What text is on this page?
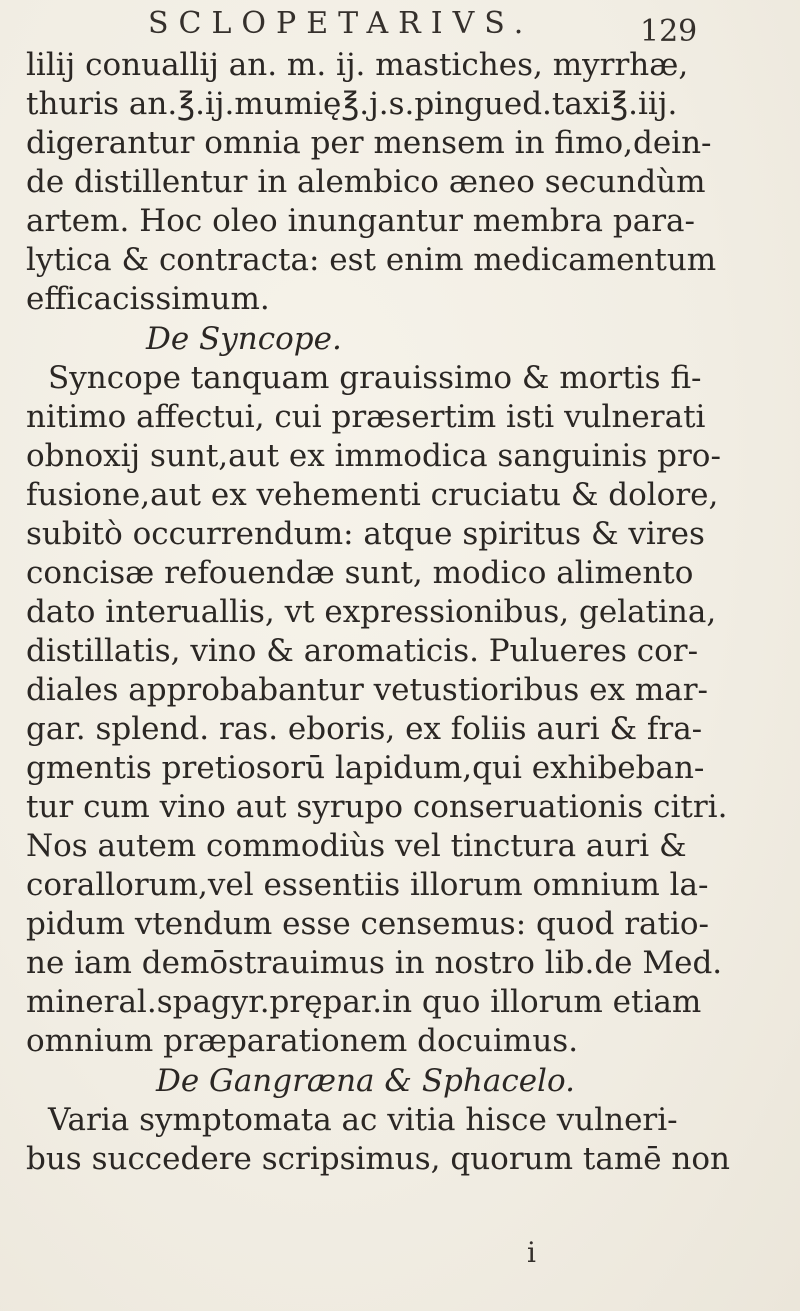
SCLOPETARIVS.	129
lilij conuallij an. m. ij. mastiches, myrrhæ,
thuris an.℥.ij.mumię℥.j.s.pingued.taxi℥.iij.
digerantur omnia per mensem in fimo,dein-
de distillentur in alembico æneo secundùm
artem. Hoc oleo inungantur membra para-
lytica & contracta: est enim medicamentum
efficacissimum.
De Syncope.
Syncope tanquam grauissimo & mortis fi-
nitimo affectui, cui præsertim isti vulnerati
obnoxij sunt,aut ex immodica sanguinis pro-
fusione,aut ex vehementi cruciatu & dolore,
subitò occurrendum: atque spiritus & vires
concisæ refouendæ sunt, modico alimento
dato interuallis, vt expressionibus, gelatina,
distillatis, vino & aromaticis. Pulueres cor-
diales approbabantur vetustioribus ex mar-
gar. splend. ras. eboris, ex foliis auri & fra-
gmentis pretiosorū lapidum,qui exhibeban-
tur cum vino aut syrupo conseruationis citri.
Nos autem commodiùs vel tinctura auri &
corallorum,vel essentiis illorum omnium la-
pidum vtendum esse censemus: quod ratio-
ne iam demōstrauimus in nostro lib.de Med.
mineral.spagyr.prępar.in quo illorum etiam
omnium præparationem docuimus.
De Gangræna & Sphacelo.
Varia symptomata ac vitia hisce vulneri-
bus succedere scripsimus, quorum tamē non
i
